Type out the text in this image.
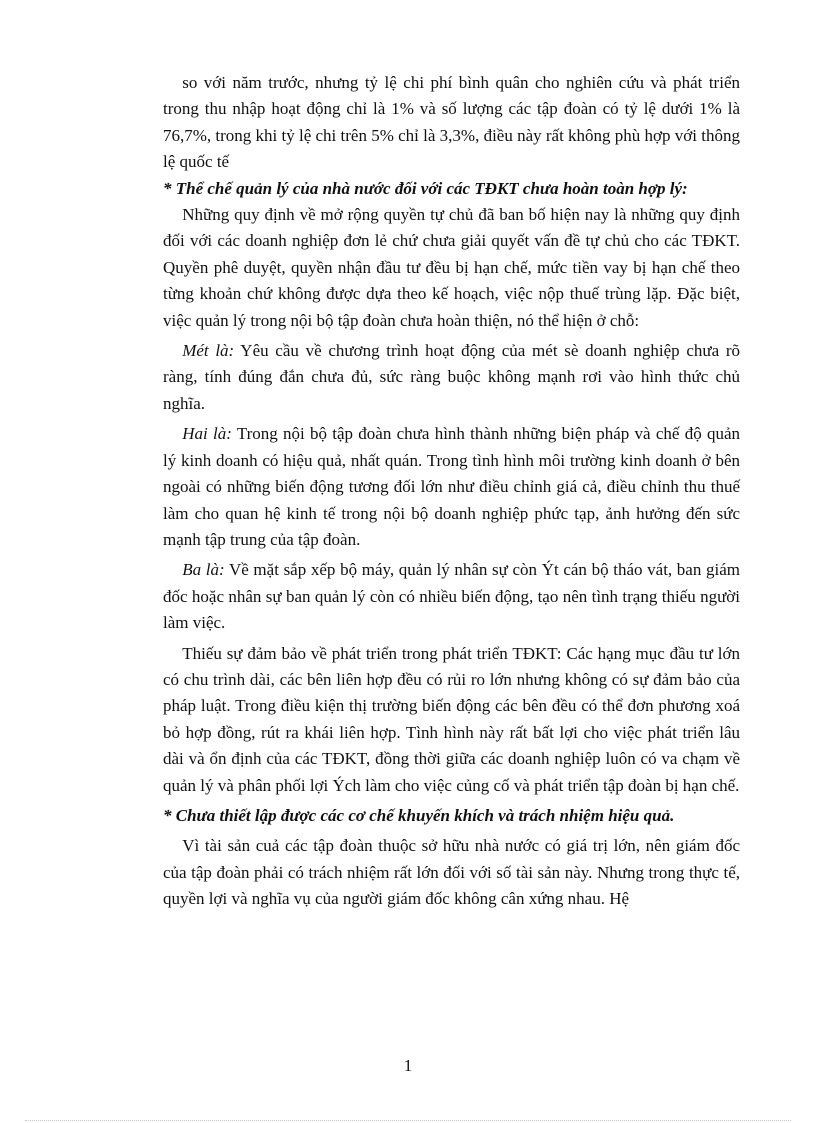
so với năm trước, nhưng tỷ lệ chi phí bình quân cho nghiên cứu và phát triển trong thu nhập hoạt động chỉ là 1% và số lượng các tập đoàn có tỷ lệ dưới 1% là 76,7%, trong khi tỷ lệ chi trên 5% chỉ là 3,3%, điều này rất không phù hợp với thông lệ quốc tế

* Thể chế quản lý của nhà nước đối với các TĐKT chưa hoàn toàn hợp lý:

Những quy định về mở rộng quyền tự chủ đã ban bố hiện nay là những quy định đối với các doanh nghiệp đơn lẻ chứ chưa giải quyết vấn đề tự chủ cho các TĐKT. Quyền phê duyệt, quyền nhận đầu tư đều bị hạn chế, mức tiền vay bị hạn chế theo từng khoản chứ không được dựa theo kế hoạch, việc nộp thuế trùng lặp. Đặc biệt, việc quản lý trong nội bộ tập đoàn chưa hoàn thiện, nó thể hiện ở chỗ:

Mét là: Yêu cầu về chương trình hoạt động của mét sè doanh nghiệp chưa rõ ràng, tính đúng đắn chưa đủ, sức ràng buộc không mạnh rơi vào hình thức chủ nghĩa.

Hai là: Trong nội bộ tập đoàn chưa hình thành những biện pháp và chế độ quản lý kinh doanh có hiệu quả, nhất quán. Trong tình hình môi trường kinh doanh ở bên ngoài có những biến động tương đối lớn như điều chỉnh giá cả, điều chỉnh thu thuế làm cho quan hệ kinh tế trong nội bộ doanh nghiệp phức tạp, ảnh hưởng đến sức mạnh tập trung của tập đoàn.

Ba là: Về mặt sắp xếp bộ máy, quản lý nhân sự còn Ýt cán bộ tháo vát, ban giám đốc hoặc nhân sự ban quản lý còn có nhiều biến động, tạo nên tình trạng thiếu người làm việc.

Thiếu sự đảm bảo về phát triển trong phát triển TĐKT: Các hạng mục đầu tư lớn có chu trình dài, các bên liên hợp đều có rủi ro lớn nhưng không có sự đảm bảo của pháp luật. Trong điều kiện thị trường biến động các bên đều có thể đơn phương xoá bỏ hợp đồng, rút ra khái liên hợp. Tình hình này rất bất lợi cho việc phát triển lâu dài và ổn định của các TĐKT, đồng thời giữa các doanh nghiệp luôn có va chạm về quản lý và phân phối lợi Ých làm cho việc củng cố và phát triển tập đoàn bị hạn chế.

* Chưa thiết lập được các cơ chế khuyến khích và trách nhiệm hiệu quả.

Vì tài sản cuả các tập đoàn thuộc sở hữu nhà nước có giá trị lớn, nên giám đốc của tập đoàn phải có trách nhiệm rất lớn đối với số tài sản này. Nhưng trong thực tế, quyền lợi và nghĩa vụ của người giám đốc không cân xứng nhau. Hệ

1
